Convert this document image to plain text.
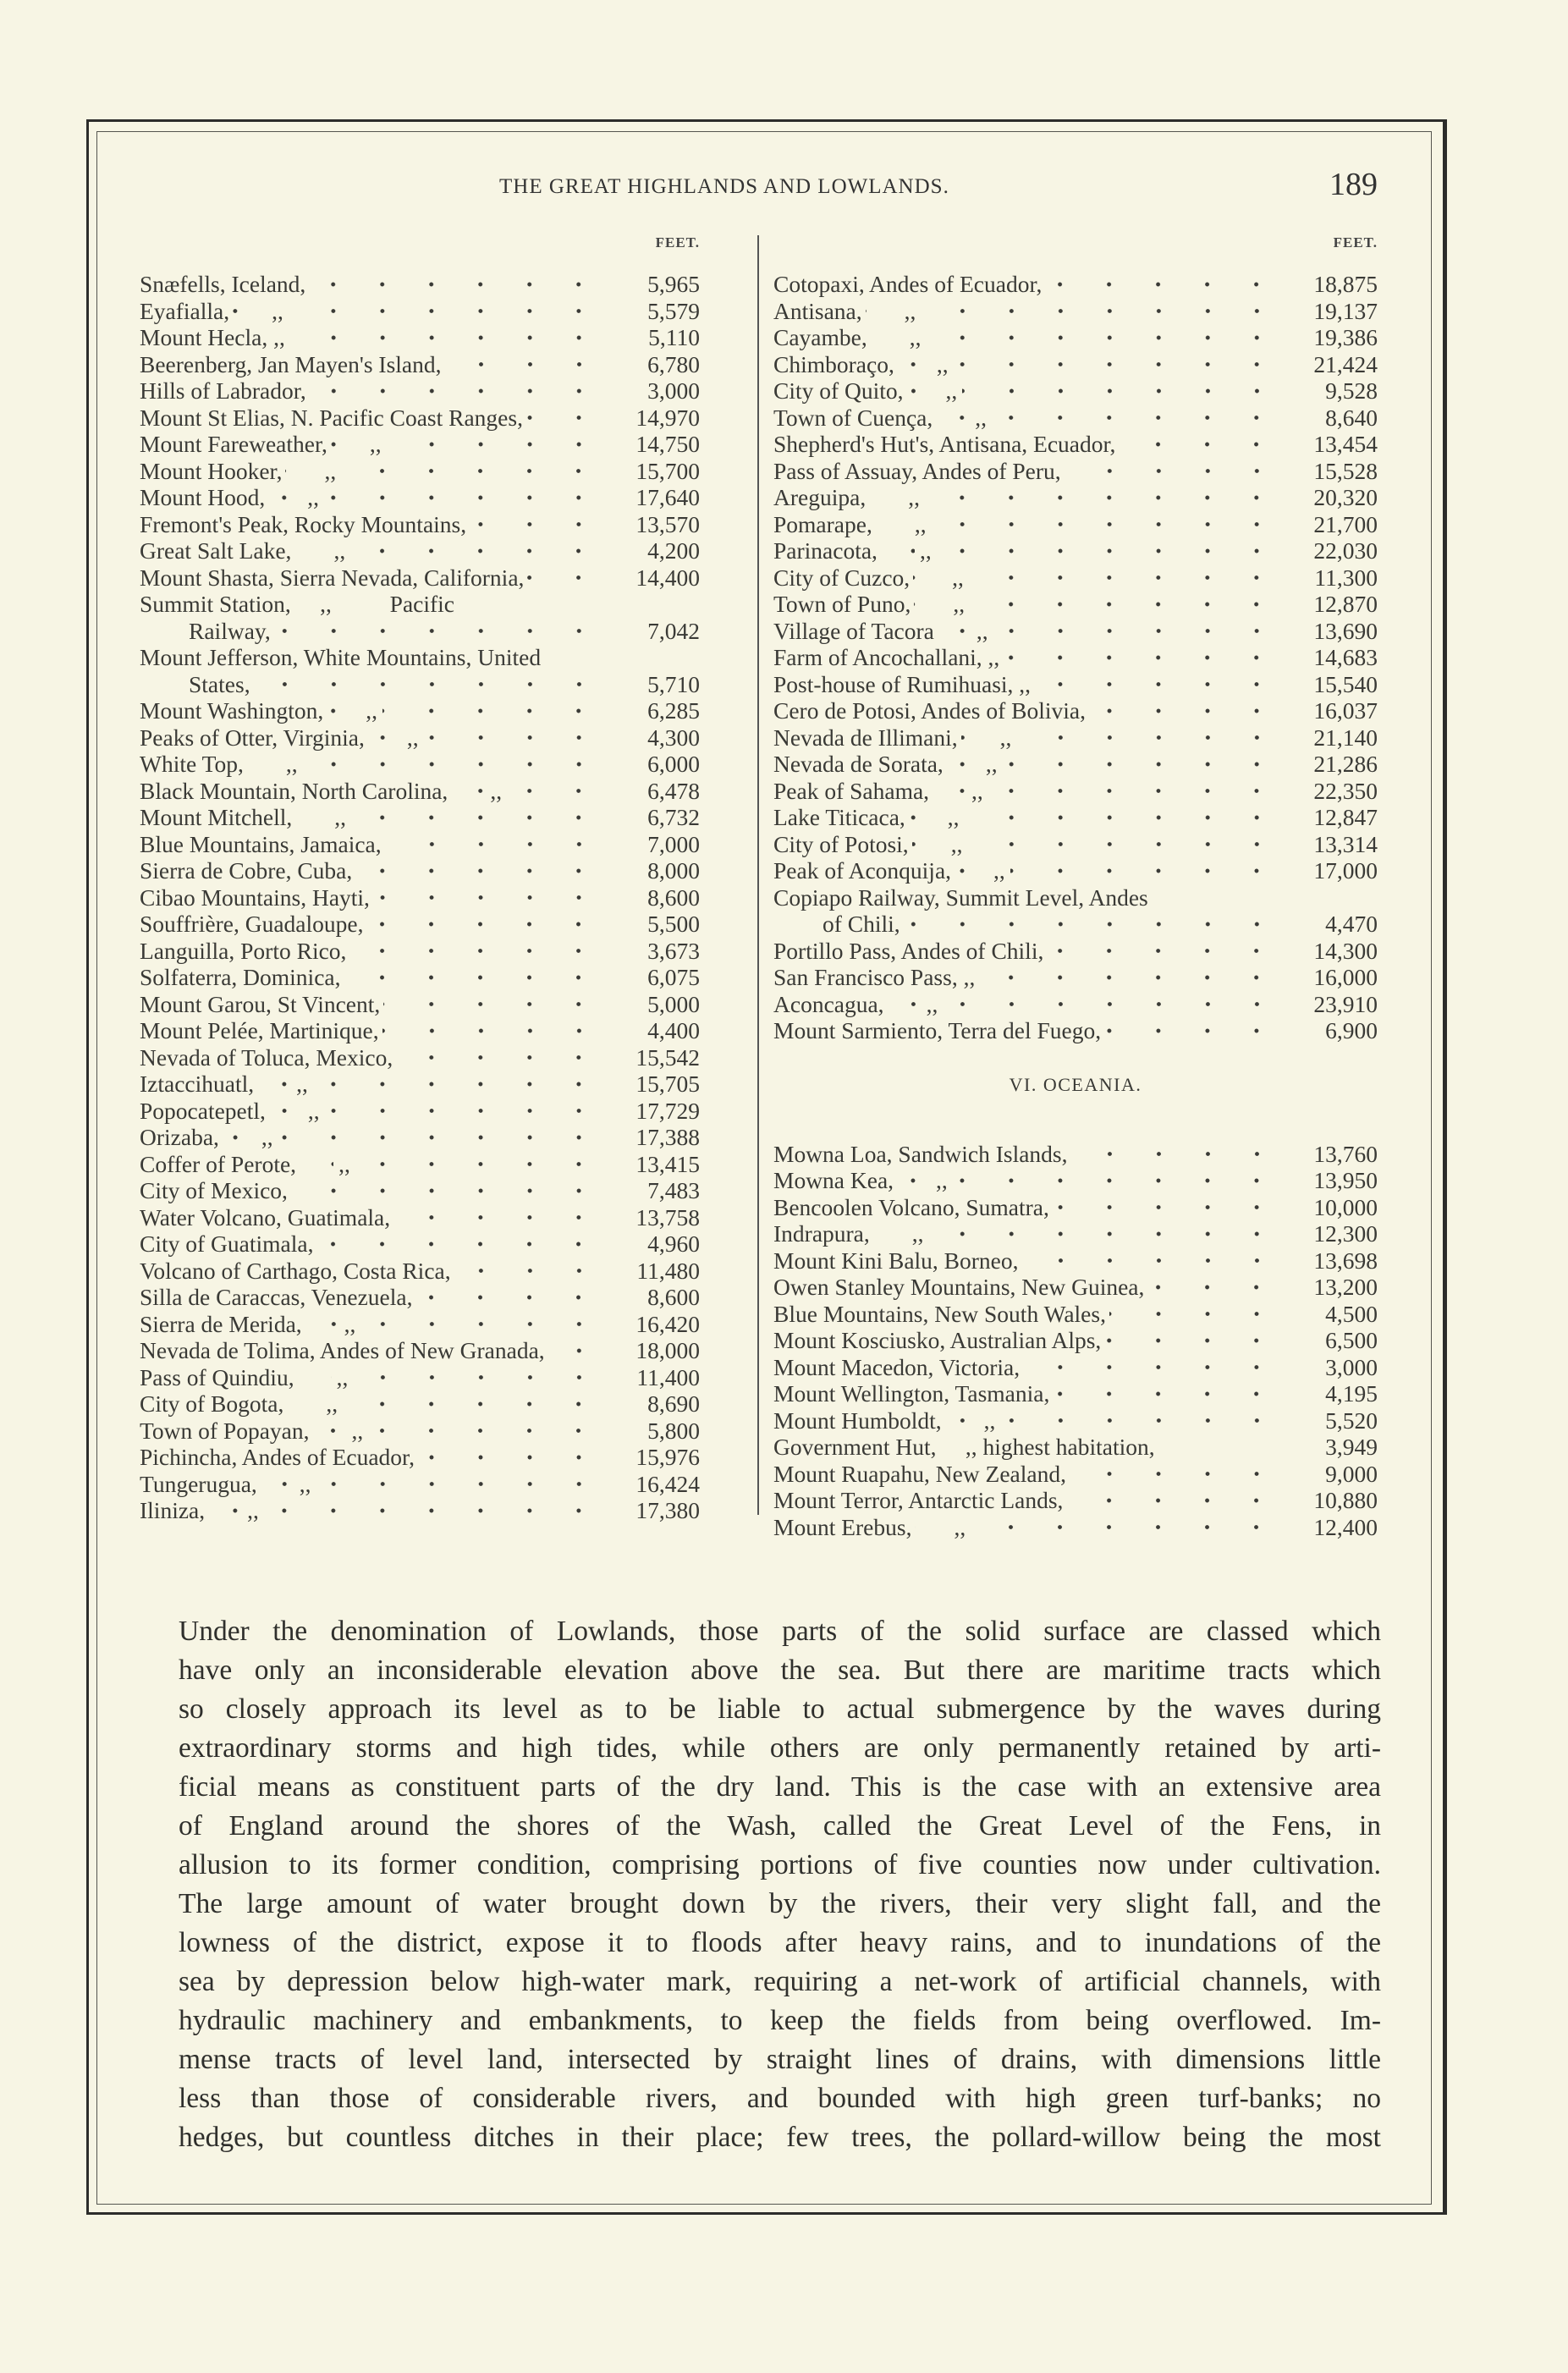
THE GREAT HIGHLANDS AND LOWLANDS.	189
FEET.
Snæfells, Iceland,	5,965
Eyafialla, ,,	5,579
Mount Hecla, ,,	5,110
Beerenberg, Jan Mayen's Island,	6,780
Hills of Labrador,	3,000
Mount St Elias, N. Pacific Coast Ranges,	14,970
Mount Fareweather, ,,	14,750
Mount Hooker, ,,	15,700
Mount Hood, ,,	17,640
Fremont's Peak, Rocky Mountains,	13,570
Great Salt Lake, ,,	4,200
Mount Shasta, Sierra Nevada, California,	14,400
Summit Station,     ,,          Pacific
Railway,	7,042
Mount Jefferson, White Mountains, United
States,	5,710
Mount Washington, ,,	6,285
Peaks of Otter, Virginia, ,,	4,300
White Top, ,,	6,000
Black Mountain, North Carolina, ,,	6,478
Mount Mitchell, ,,	6,732
Blue Mountains, Jamaica,	7,000
Sierra de Cobre, Cuba,	8,000
Cibao Mountains, Hayti,	8,600
Souffrière, Guadaloupe,	5,500
Languilla, Porto Rico,	3,673
Solfaterra, Dominica,	6,075
Mount Garou, St Vincent,	5,000
Mount Pelée, Martinique,	4,400
Nevada of Toluca, Mexico,	15,542
Iztaccihuatl, ,,	15,705
Popocatepetl, ,,	17,729
Orizaba, ,,	17,388
Coffer of Perote, ,,	13,415
City of Mexico,	7,483
Water Volcano, Guatimala,	13,758
City of Guatimala,	4,960
Volcano of Carthago, Costa Rica,	11,480
Silla de Caraccas, Venezuela,	8,600
Sierra de Merida, ,,	16,420
Nevada de Tolima, Andes of New Granada,	18,000
Pass of Quindiu, ,,	11,400
City of Bogota, ,,	8,690
Town of Popayan, ,,	5,800
Pichincha, Andes of Ecuador,	15,976
Tungerugua, ,,	16,424
Iliniza, ,,	17,380
FEET.
Cotopaxi, Andes of Ecuador,	18,875
Antisana, ,,	19,137
Cayambe, ,,	19,386
Chimboraço, ,,	21,424
City of Quito, ,,	9,528
Town of Cuença, ,,	8,640
Shepherd's Hut's, Antisana, Ecuador,	13,454
Pass of Assuay, Andes of Peru,	15,528
Areguipa, ,,	20,320
Pomarape, ,,	21,700
Parinacota, ,,	22,030
City of Cuzco, ,,	11,300
Town of Puno, ,,	12,870
Village of Tacora ,,	13,690
Farm of Ancochallani, ,,	14,683
Post-house of Rumihuasi, ,,	15,540
Cero de Potosi, Andes of Bolivia,	16,037
Nevada de Illimani, ,,	21,140
Nevada de Sorata, ,,	21,286
Peak of Sahama, ,,	22,350
Lake Titicaca, ,,	12,847
City of Potosi, ,,	13,314
Peak of Aconquija, ,,	17,000
Copiapo Railway, Summit Level, Andes
of Chili,	4,470
Portillo Pass, Andes of Chili,	14,300
San Francisco Pass, ,,	16,000
Aconcagua, ,,	23,910
Mount Sarmiento, Terra del Fuego,	6,900
VI. OCEANIA.
Mowna Loa, Sandwich Islands,	13,760
Mowna Kea, ,,	13,950
Bencoolen Volcano, Sumatra,	10,000
Indrapura, ,,	12,300
Mount Kini Balu, Borneo,	13,698
Owen Stanley Mountains, New Guinea,	13,200
Blue Mountains, New South Wales,	4,500
Mount Kosciusko, Australian Alps,	6,500
Mount Macedon, Victoria,	3,000
Mount Wellington, Tasmania,	4,195
Mount Humboldt, ,,	5,520
Government Hut,     ,, highest habitation,	3,949
Mount Ruapahu, New Zealand,	9,000
Mount Terror, Antarctic Lands,	10,880
Mount Erebus, ,,	12,400
Under the denomination of Lowlands, those parts of the solid surface are classed which
have only an inconsiderable elevation above the sea. But there are maritime tracts which
so closely approach its level as to be liable to actual submergence by the waves during
extraordinary storms and high tides, while others are only permanently retained by arti-
ficial means as constituent parts of the dry land. This is the case with an extensive area
of England around the shores of the Wash, called the Great Level of the Fens, in
allusion to its former condition, comprising portions of five counties now under cultivation.
The large amount of water brought down by the rivers, their very slight fall, and the
lowness of the district, expose it to floods after heavy rains, and to inundations of the
sea by depression below high-water mark, requiring a net-work of artificial channels, with
hydraulic machinery and embankments, to keep the fields from being overflowed. Im-
mense tracts of level land, intersected by straight lines of drains, with dimensions little
less than those of considerable rivers, and bounded with high green turf-banks; no
hedges, but countless ditches in their place; few trees, the pollard-willow being the most
